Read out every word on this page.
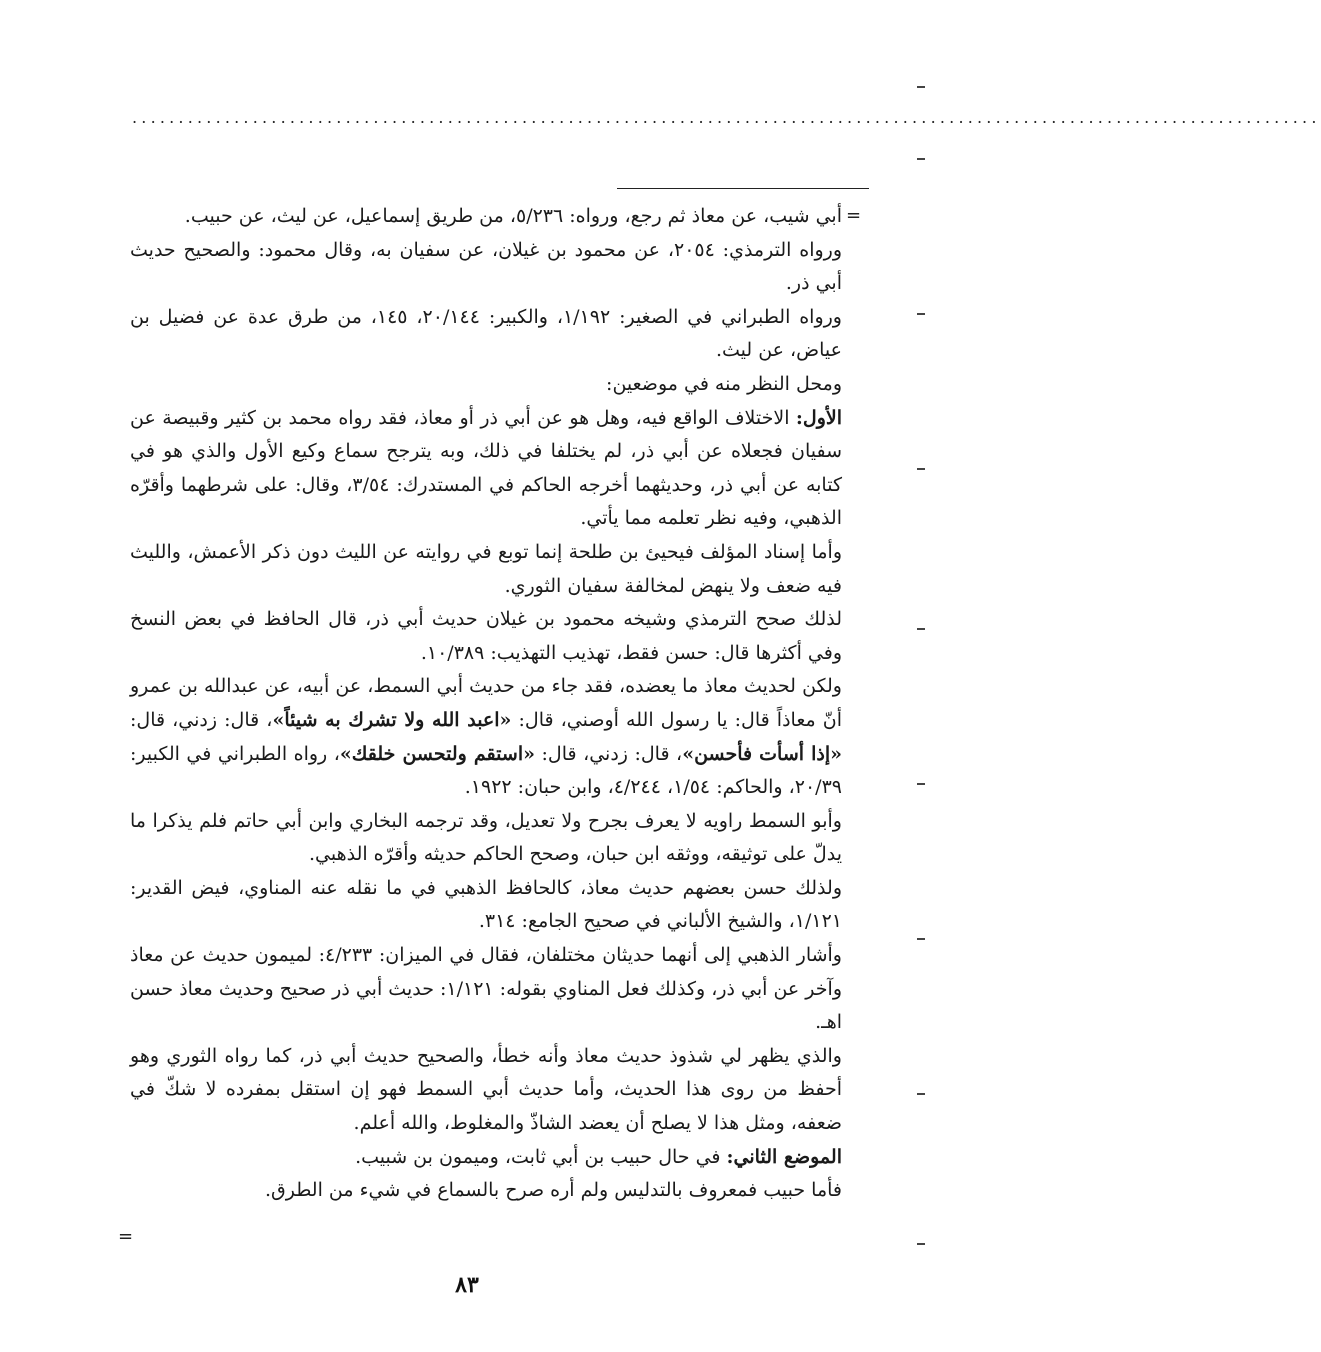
................................................................................................................................
=
=

أبي شيب، عن معاذ ثم رجع، ورواه: ٥/٢٣٦، من طريق إسماعيل، عن ليث، عن حبيب.

ورواه الترمذي: ٢٠٥٤، عن محمود بن غيلان، عن سفيان به، وقال محمود: والصحيح حديث أبي ذر.

ورواه الطبراني في الصغير: ١/١٩٢، والكبير: ٢٠/١٤٤، ١٤٥، من طرق عدة عن فضيل بن عياض، عن ليث.

ومحل النظر منه في موضعين:

الأول: الاختلاف الواقع فيه، وهل هو عن أبي ذر أو معاذ، فقد رواه محمد بن كثير وقبيصة عن سفيان فجعلاه عن أبي ذر، لم يختلفا في ذلك، وبه يترجح سماع وكيع الأول والذي هو في كتابه عن أبي ذر، وحديثهما أخرجه الحاكم في المستدرك: ٣/٥٤، وقال: على شرطهما وأقرّه الذهبي، وفيه نظر تعلمه مما يأتي.

وأما إسناد المؤلف فيحيئ بن طلحة إنما توبع في روايته عن الليث دون ذكر الأعمش، والليث فيه ضعف ولا ينهض لمخالفة سفيان الثوري.

لذلك صحح الترمذي وشيخه محمود بن غيلان حديث أبي ذر، قال الحافظ في بعض النسخ وفي أكثرها قال: حسن فقط، تهذيب التهذيب: ١٠/٣٨٩.

ولكن لحديث معاذ ما يعضده، فقد جاء من حديث أبي السمط، عن أبيه، عن عبدالله بن عمرو أنّ معاذاً قال: يا رسول الله أوصني، قال: «اعبد الله ولا تشرك به شيئاً»، قال: زدني، قال: «إذا أسأت فأحسن»، قال: زدني، قال: «استقم ولتحسن خلقك»، رواه الطبراني في الكبير: ٢٠/٣٩، والحاكم: ١/٥٤، ٤/٢٤٤، وابن حبان: ١٩٢٢.

وأبو السمط راويه لا يعرف بجرح ولا تعديل، وقد ترجمه البخاري وابن أبي حاتم فلم يذكرا ما يدلّ على توثيقه، ووثقه ابن حبان، وصحح الحاكم حديثه وأقرّه الذهبي.

ولذلك حسن بعضهم حديث معاذ، كالحافظ الذهبي في ما نقله عنه المناوي، فيض القدير: ١/١٢١، والشيخ الألباني في صحيح الجامع: ٣١٤.

وأشار الذهبي إلى أنهما حديثان مختلفان، فقال في الميزان: ٤/٢٣٣: لميمون حديث عن معاذ وآخر عن أبي ذر، وكذلك فعل المناوي بقوله: ١/١٢١: حديث أبي ذر صحيح وحديث معاذ حسن اهـ.

والذي يظهر لي شذوذ حديث معاذ وأنه خطأ، والصحيح حديث أبي ذر، كما رواه الثوري وهو أحفظ من روى هذا الحديث، وأما حديث أبي السمط فهو إن استقل بمفرده لا شكّ في ضعفه، ومثل هذا لا يصلح أن يعضد الشاذّ والمغلوط، والله أعلم.

الموضع الثاني: في حال حبيب بن أبي ثابت، وميمون بن شبيب.

فأما حبيب فمعروف بالتدليس ولم أره صرح بالسماع في شيء من الطرق.

٨٣
